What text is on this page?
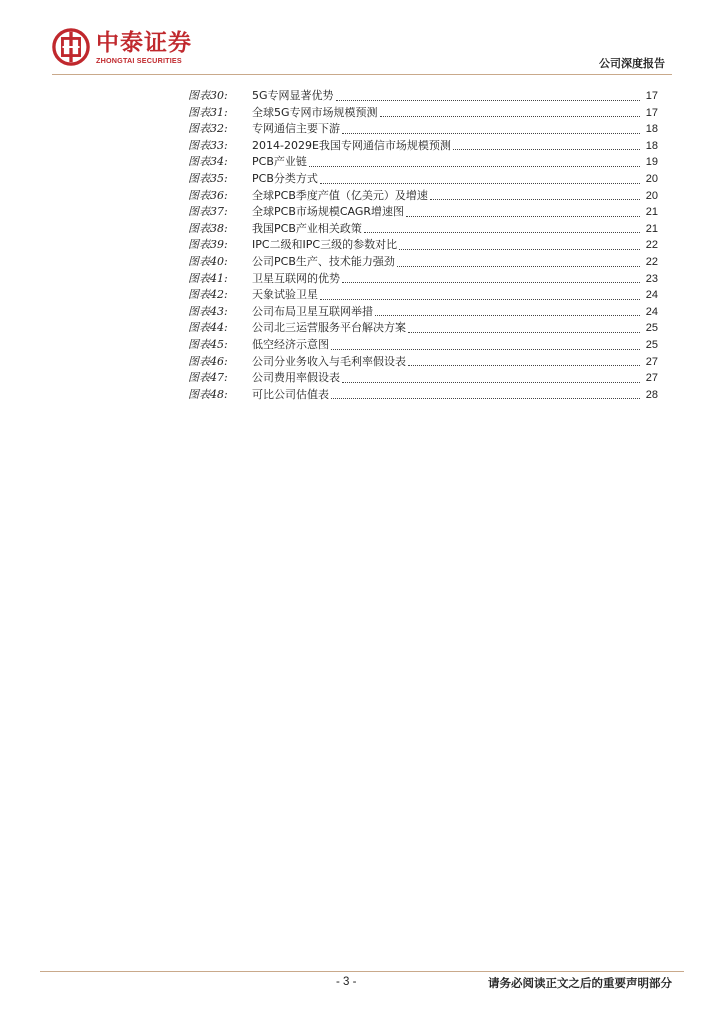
中泰证券
ZHONGTAI SECURITIES	公司深度报告
图表30:	5G专网显著优势	17
图表31:	全球5G专网市场规模预测	17
图表32:	专网通信主要下游	18
图表33:	2014-2029E我国专网通信市场规模预测	18
图表34:	PCB产业链	19
图表35:	PCB分类方式	20
图表36:	全球PCB季度产值（亿美元）及增速	20
图表37:	全球PCB市场规模CAGR增速图	21
图表38:	我国PCB产业相关政策	21
图表39:	IPC二级和IPC三级的参数对比	22
图表40:	公司PCB生产、技术能力强劲	22
图表41:	卫星互联网的优势	23
图表42:	天象试验卫星	24
图表43:	公司布局卫星互联网举措	24
图表44:	公司北三运营服务平台解决方案	25
图表45:	低空经济示意图	25
图表46:	公司分业务收入与毛利率假设表	27
图表47:	公司费用率假设表	27
图表48:	可比公司估值表	28
- 3 -	请务必阅读正文之后的重要声明部分
